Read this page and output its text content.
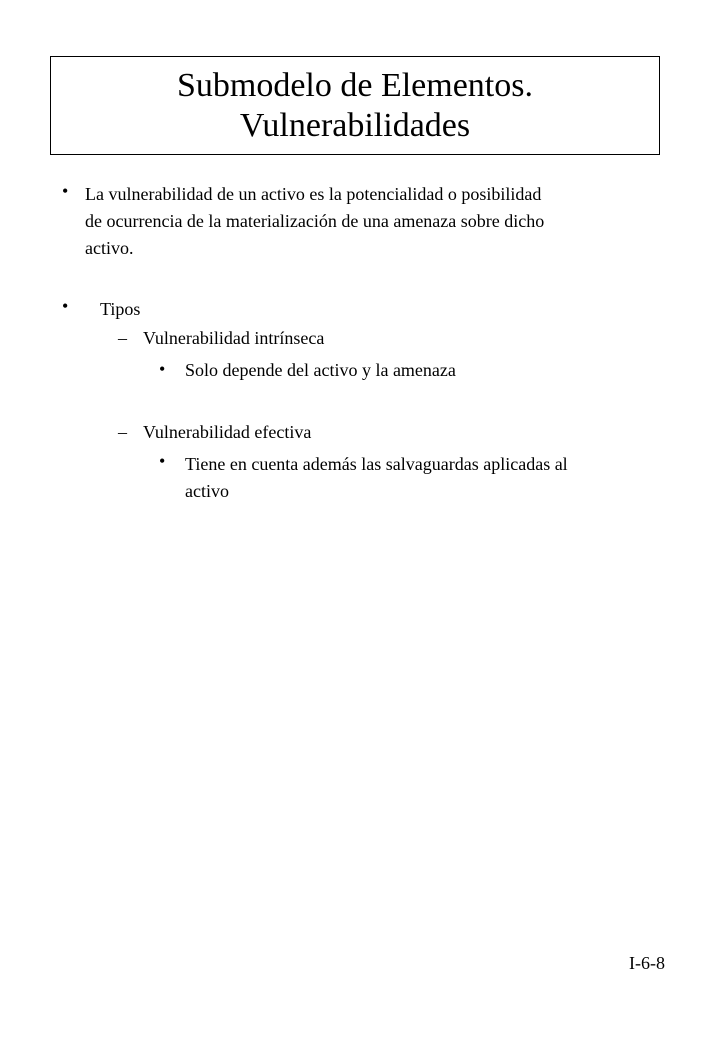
Submodelo de Elementos.
Vulnerabilidades
• La vulnerabilidad de un activo es la potencialidad o posibilidad
de ocurrencia de la materialización de una amenaza sobre dicho
activo.
• Tipos
– Vulnerabilidad intrínseca
• Solo depende del activo y la amenaza
– Vulnerabilidad efectiva
• Tiene en cuenta además las salvaguardas aplicadas al
activo
I-6-8
